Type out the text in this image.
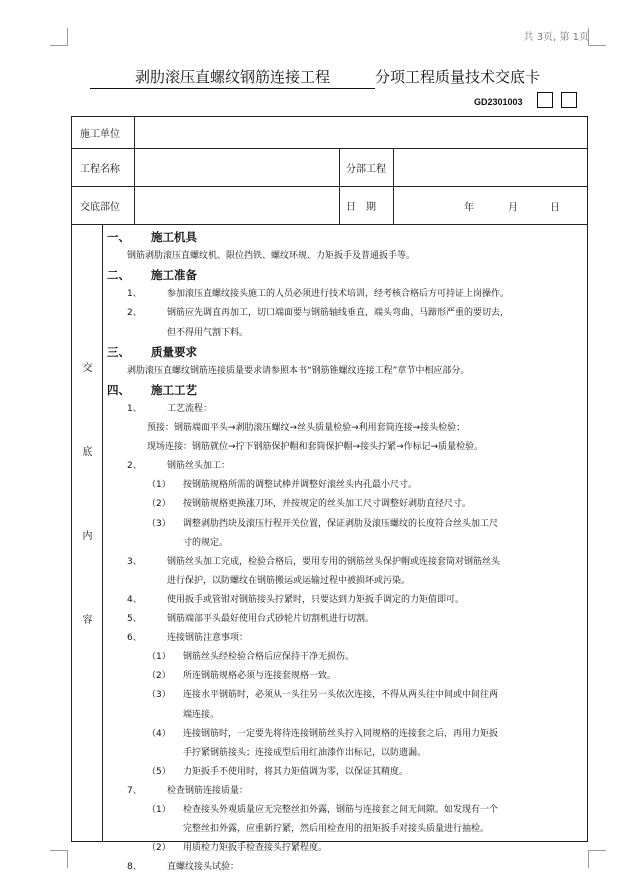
共 3页, 第 1页
剥肋滚压直螺纹钢筋连接工程	分项工程质量技术交底卡
GD2301003
施工单位
工程名称	分部工程
交底部位	日　期	年	月	日
交
底
内
容
一、 施工机具
钢筋剥肋滚压直螺纹机、限位挡铁、螺纹环规、力矩扳手及普通扳手等。
二、 施工准备
1、	参加滚压直螺纹接头施工的人员必须进行技术培训，经考核合格后方可持证上岗操作。
2、	钢筋应先调直再加工，切口端面要与钢筋轴线垂直，端头弯曲、马蹄形严重的要切去，
但不得用气割下料。
三、 质量要求
剥肋滚压直螺纹钢筋连接质量要求请参照本书“钢筋锥螺纹连接工程”章节中相应部分。
四、 施工工艺
1、	工艺流程：
预接：钢筋端面平头→剥肋滚压螺纹→丝头质量检验→利用套筒连接→接头检验；
现场连接：钢筋就位→拧下钢筋保护帽和套筒保护帽→接头拧紧→作标记→质量检验。
2、	钢筋丝头加工：
（1） 按钢筋规格所需的调整试棒并调整好滚丝头内孔最小尺寸。
（2） 按钢筋规格更换涨刀环，并按规定的丝头加工尺寸调整好剥肋直径尺寸。
（3） 调整剥肋挡块及滚压行程开关位置，保证剥肋及滚压螺纹的长度符合丝头加工尺
寸的规定。
3、	钢筋丝头加工完成，检验合格后，要用专用的钢筋丝头保护帽或连接套筒对钢筋丝头
进行保护，以防螺纹在钢筋搬运或运输过程中被损坏或污染。
4、	使用扳手或管钳对钢筋接头拧紧时，只要达到力矩扳手调定的力矩值即可。
5、	钢筋端部平头最好使用台式砂轮片切割机进行切割。
6、	连接钢筋注意事项：
（1） 钢筋丝头经检验合格后应保持干净无损伤。
（2） 所连钢筋规格必须与连接套规格一致。
（3） 连接水平钢筋时，必须从一头往另一头依次连接，不得从两头往中间或中间往两
端连接。
（4） 连接钢筋时，一定要先将待连接钢筋丝头拧入同规格的连接套之后，再用力矩扳
手拧紧钢筋接头；连接成型后用红油漆作出标记，以防遗漏。
（5） 力矩扳手不使用时，将其力矩值调为零，以保证其精度。
7、	检查钢筋连接质量：
（1） 检查接头外观质量应无完整丝扣外露，钢筋与连接套之间无间隙。如发现有一个
完整丝扣外露，应重新拧紧，然后用检查用的扭矩扳手对接头质量进行抽检。
（2） 用质检力矩扳手检查接头拧紧程度。
8、	直螺纹接头试验：
